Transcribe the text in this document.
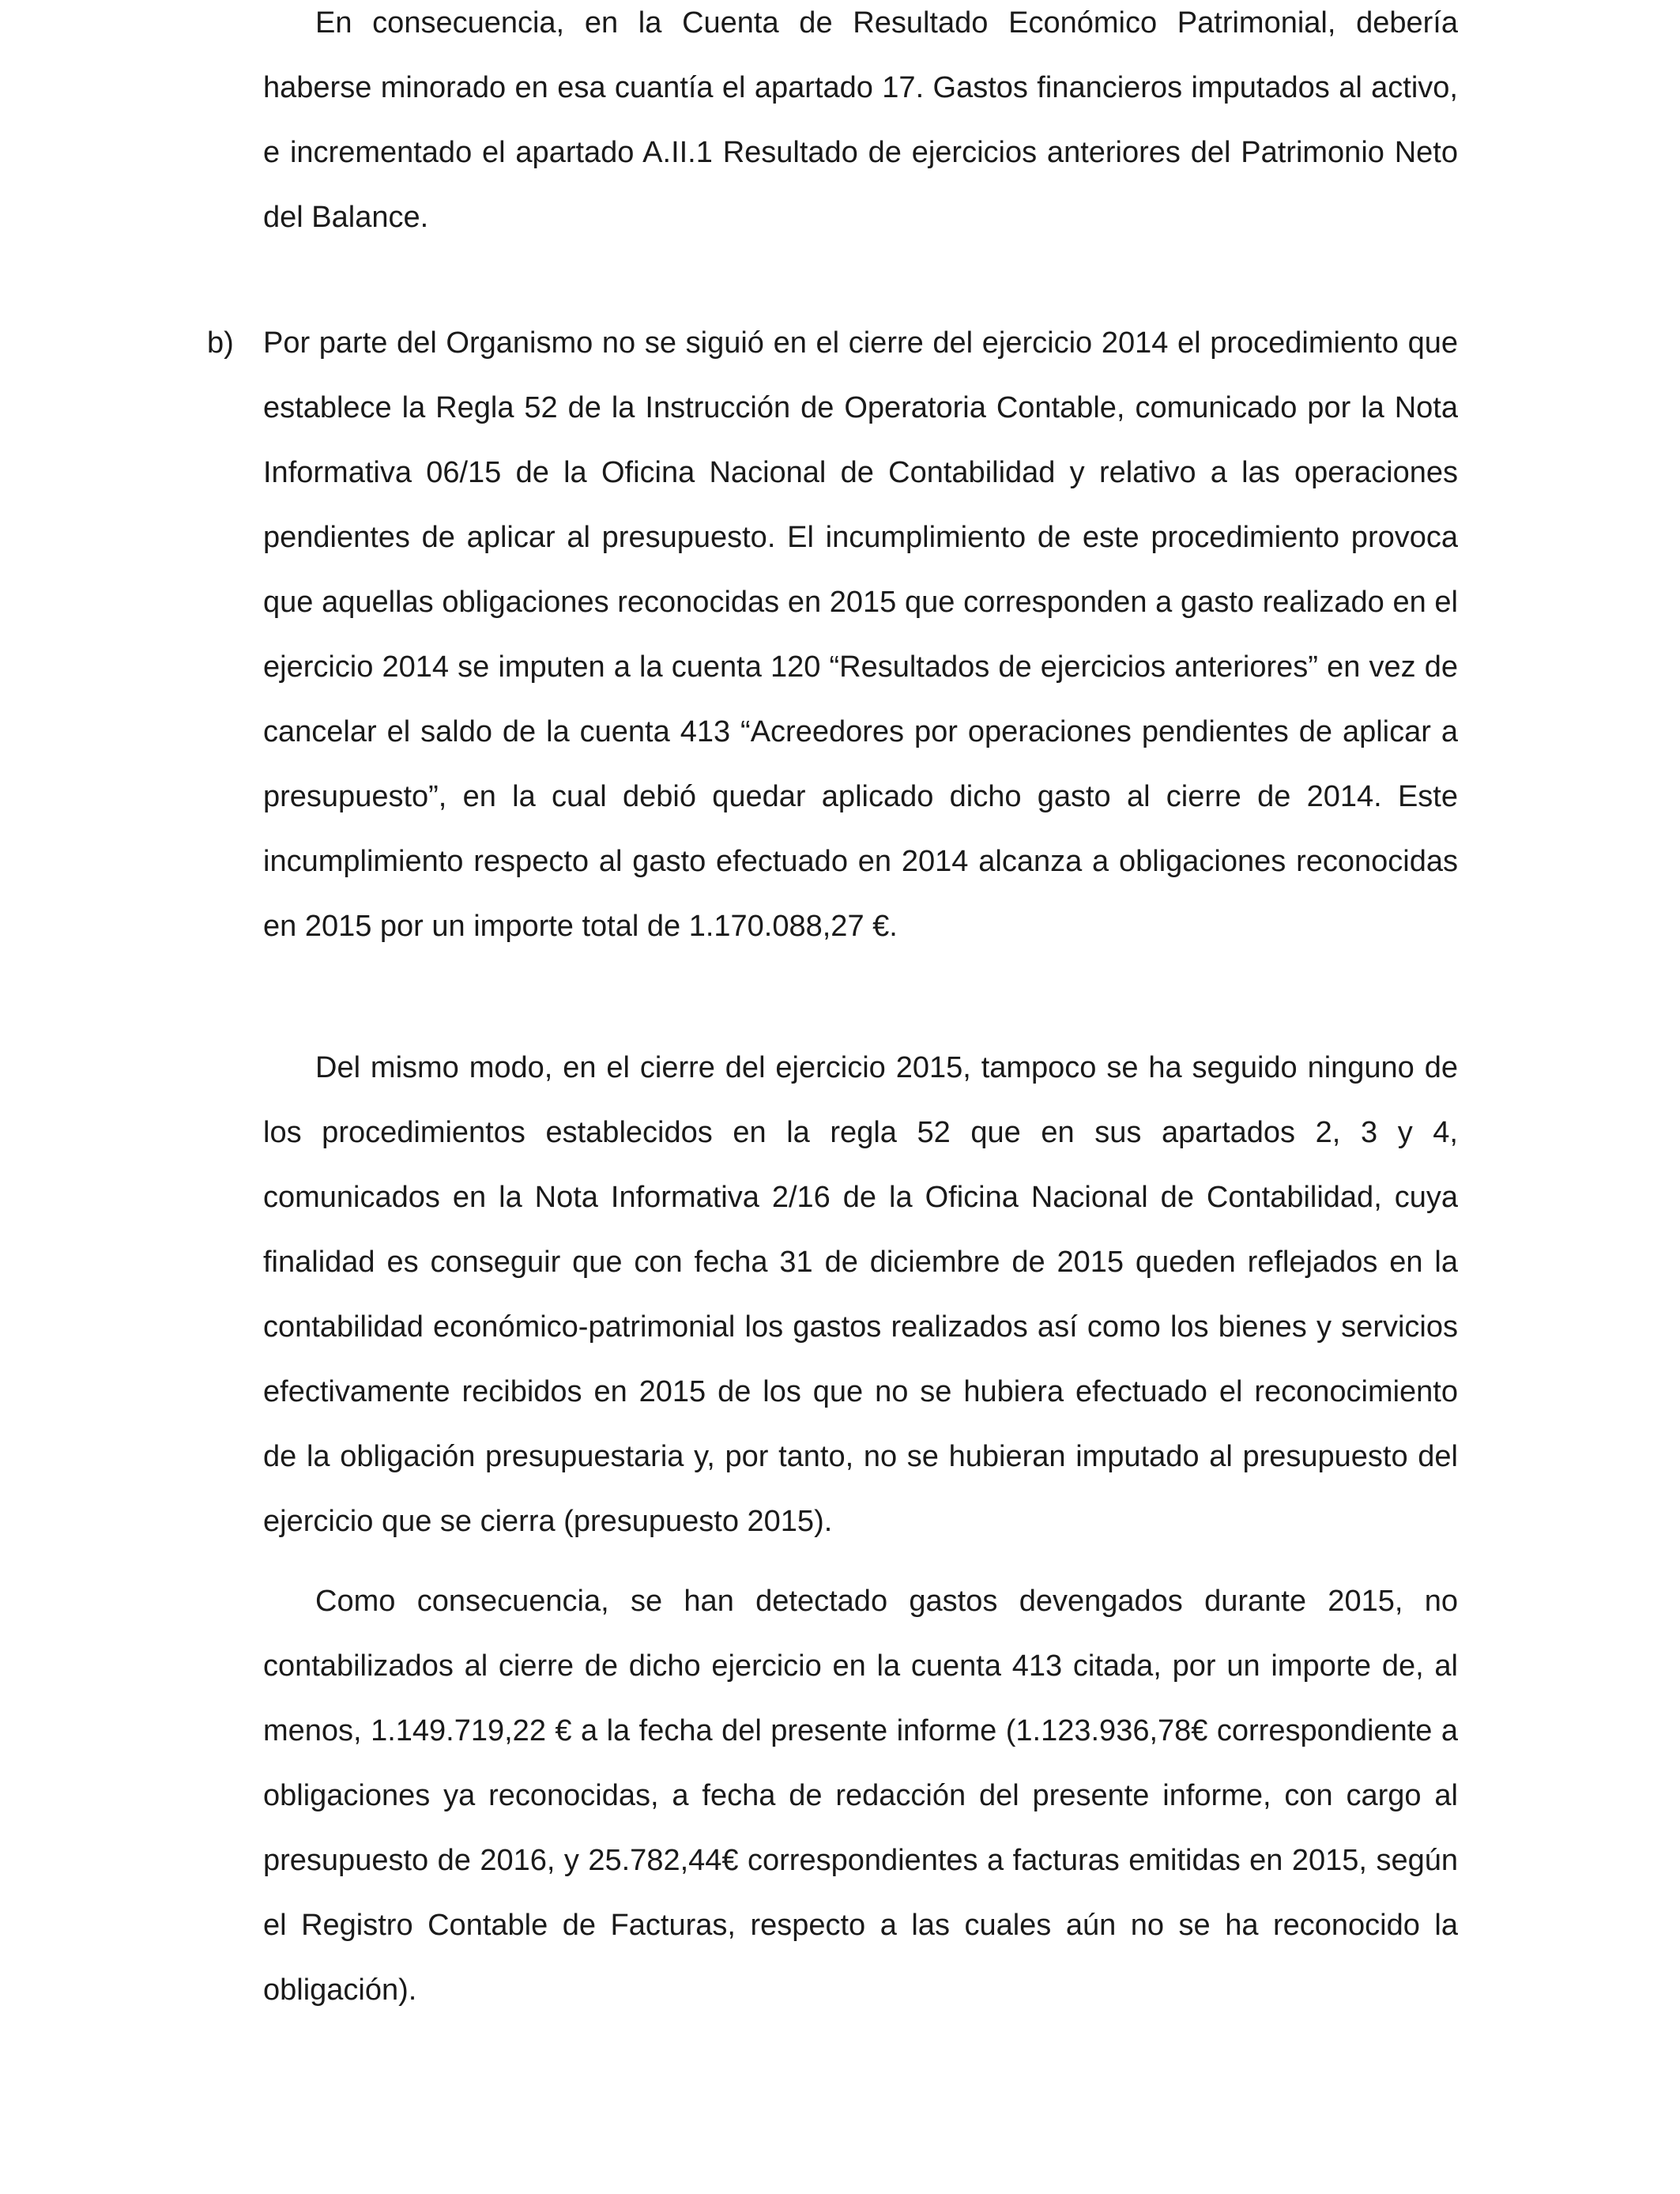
En consecuencia, en la Cuenta de Resultado Económico Patrimonial, debería haberse minorado en esa cuantía el apartado 17. Gastos financieros imputados al activo, e incrementado el apartado A.II.1 Resultado de ejercicios anteriores del Patrimonio Neto del Balance.

b) Por parte del Organismo no se siguió en el cierre del ejercicio 2014 el procedimiento que establece la Regla 52 de la Instrucción de Operatoria Contable, comunicado por la Nota Informativa 06/15 de la Oficina Nacional de Contabilidad y relativo a las operaciones pendientes de aplicar al presupuesto. El incumplimiento de este procedimiento provoca que aquellas obligaciones reconocidas en 2015 que corresponden a gasto realizado en el ejercicio 2014 se imputen a la cuenta 120 “Resultados de ejercicios anteriores” en vez de cancelar el saldo de la cuenta 413 “Acreedores por operaciones pendientes de aplicar a presupuesto”, en la cual debió quedar aplicado dicho gasto al cierre de 2014. Este incumplimiento respecto al gasto efectuado en 2014 alcanza a obligaciones reconocidas en 2015 por un importe total de 1.170.088,27 €.

Del mismo modo, en el cierre del ejercicio 2015, tampoco se ha seguido ninguno de los procedimientos establecidos en la regla 52 que en sus apartados 2, 3 y 4, comunicados en la Nota Informativa 2/16 de la Oficina Nacional de Contabilidad, cuya finalidad es conseguir que con fecha 31 de diciembre de 2015 queden reflejados en la contabilidad económico-patrimonial los gastos realizados así como los bienes y servicios efectivamente recibidos en 2015 de los que no se hubiera efectuado el reconocimiento de la obligación presupuestaria y, por tanto, no se hubieran imputado al presupuesto del ejercicio que se cierra (presupuesto 2015).

Como consecuencia, se han detectado gastos devengados durante 2015, no contabilizados al cierre de dicho ejercicio en la cuenta 413 citada, por un importe de, al menos, 1.149.719,22 € a la fecha del presente informe (1.123.936,78€ correspondiente a obligaciones ya reconocidas, a fecha de redacción del presente informe, con cargo al presupuesto de 2016, y 25.782,44€ correspondientes a facturas emitidas en 2015, según el Registro Contable de Facturas, respecto a las cuales aún no se ha reconocido la obligación).
